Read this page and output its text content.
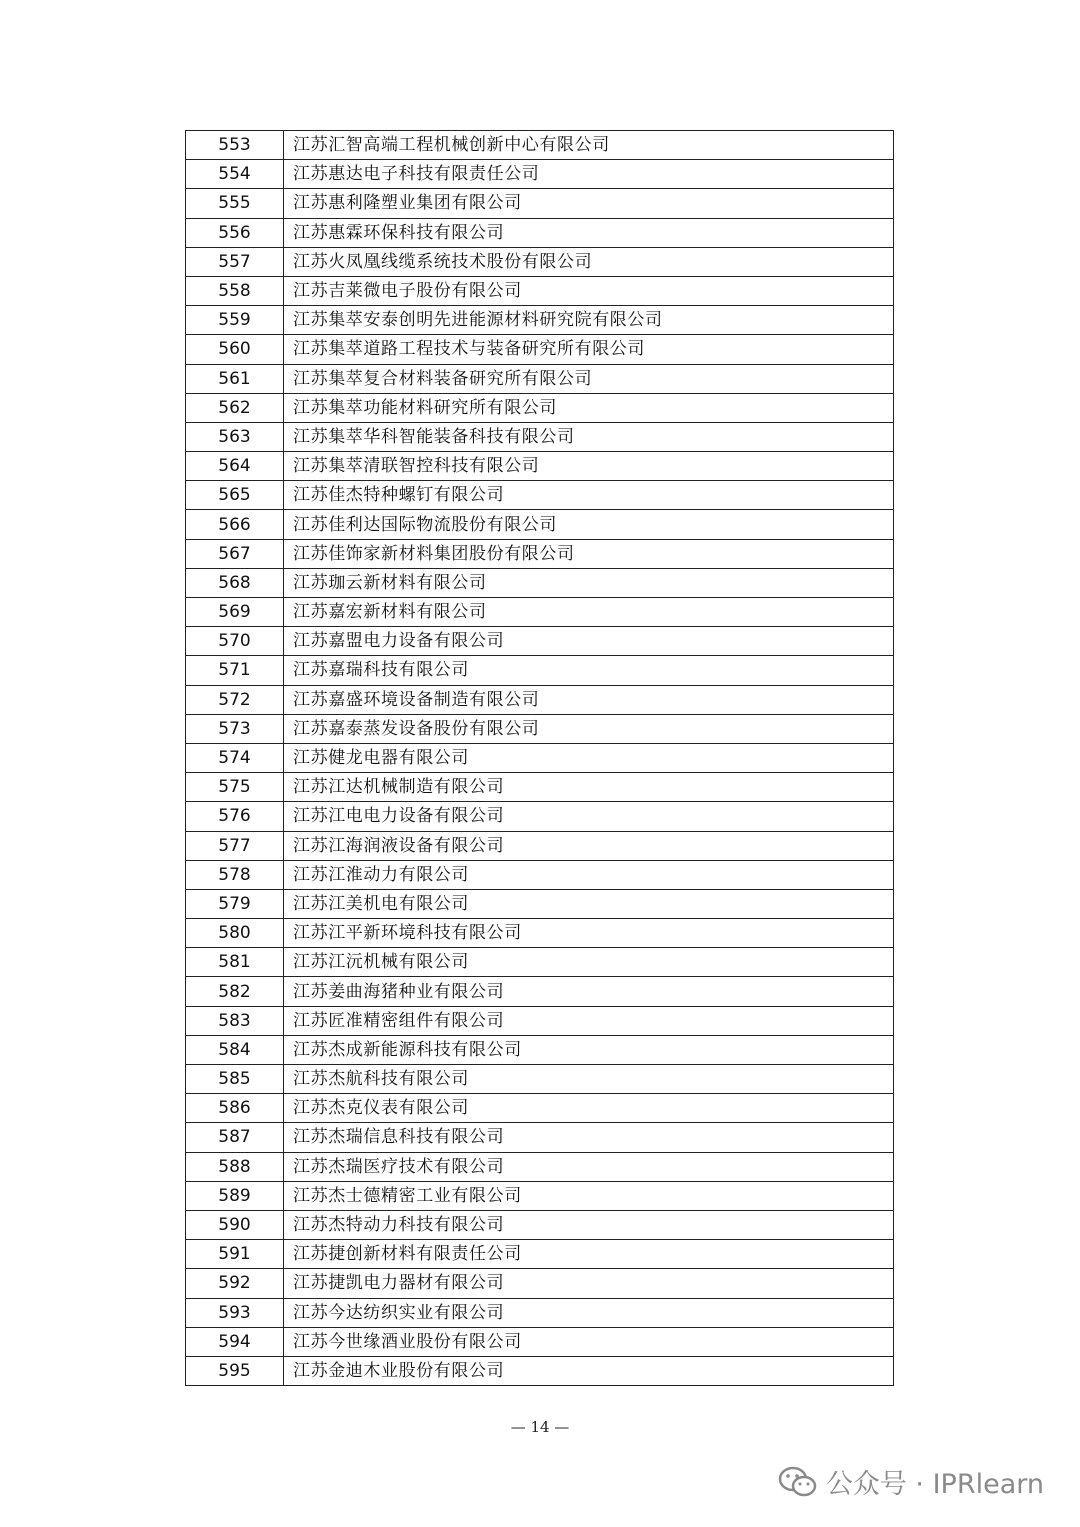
553	江苏汇智高端工程机械创新中心有限公司
554	江苏惠达电子科技有限责任公司
555	江苏惠利隆塑业集团有限公司
556	江苏惠霖环保科技有限公司
557	江苏火凤凰线缆系统技术股份有限公司
558	江苏吉莱微电子股份有限公司
559	江苏集萃安泰创明先进能源材料研究院有限公司
560	江苏集萃道路工程技术与装备研究所有限公司
561	江苏集萃复合材料装备研究所有限公司
562	江苏集萃功能材料研究所有限公司
563	江苏集萃华科智能装备科技有限公司
564	江苏集萃清联智控科技有限公司
565	江苏佳杰特种螺钉有限公司
566	江苏佳利达国际物流股份有限公司
567	江苏佳饰家新材料集团股份有限公司
568	江苏珈云新材料有限公司
569	江苏嘉宏新材料有限公司
570	江苏嘉盟电力设备有限公司
571	江苏嘉瑞科技有限公司
572	江苏嘉盛环境设备制造有限公司
573	江苏嘉泰蒸发设备股份有限公司
574	江苏健龙电器有限公司
575	江苏江达机械制造有限公司
576	江苏江电电力设备有限公司
577	江苏江海润液设备有限公司
578	江苏江淮动力有限公司
579	江苏江美机电有限公司
580	江苏江平新环境科技有限公司
581	江苏江沅机械有限公司
582	江苏姜曲海猪种业有限公司
583	江苏匠准精密组件有限公司
584	江苏杰成新能源科技有限公司
585	江苏杰航科技有限公司
586	江苏杰克仪表有限公司
587	江苏杰瑞信息科技有限公司
588	江苏杰瑞医疗技术有限公司
589	江苏杰士德精密工业有限公司
590	江苏杰特动力科技有限公司
591	江苏捷创新材料有限责任公司
592	江苏捷凯电力器材有限公司
593	江苏今达纺织实业有限公司
594	江苏今世缘酒业股份有限公司
595	江苏金迪木业股份有限公司
— 14 —
公众号 · IPRlearn
